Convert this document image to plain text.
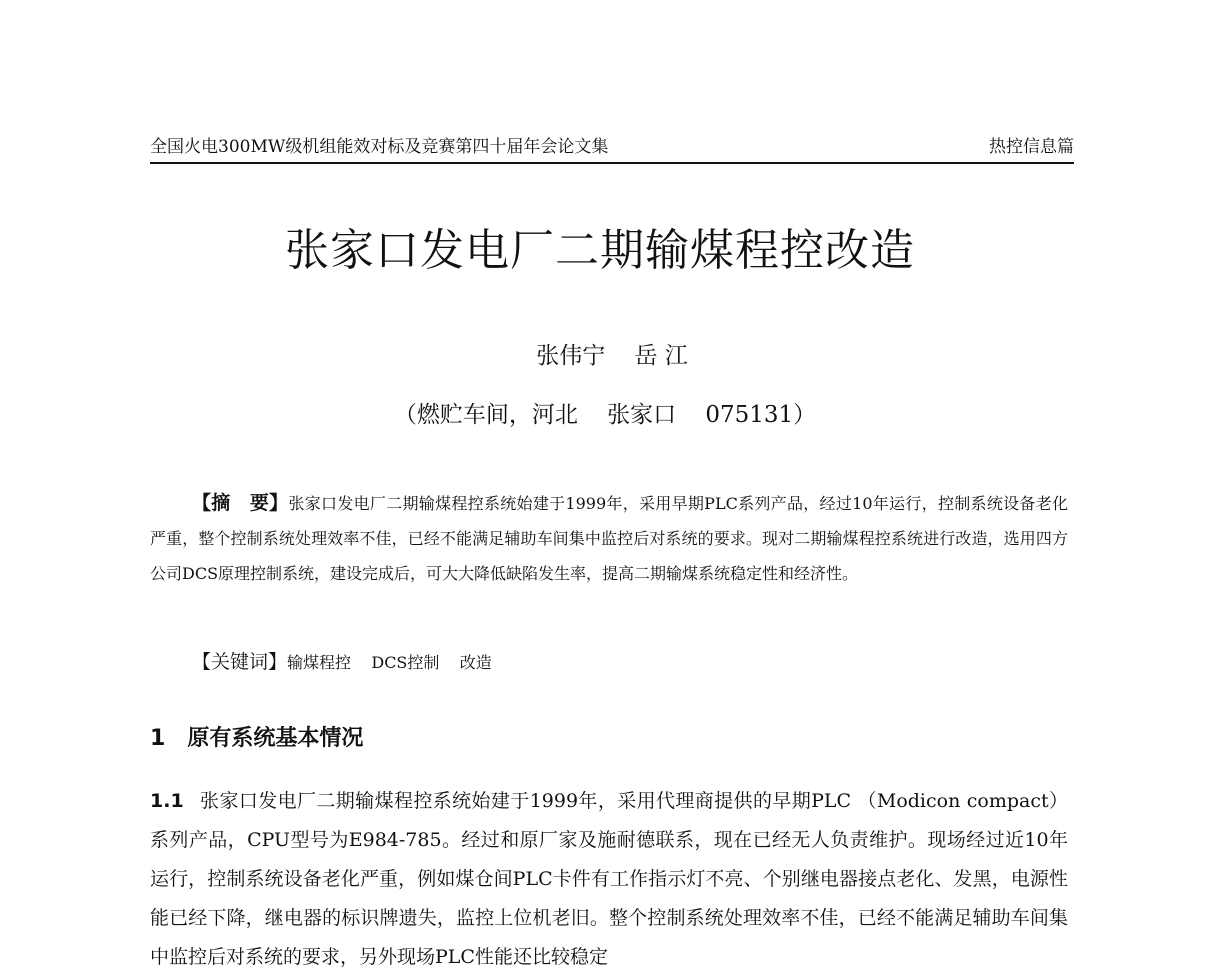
全国火电300MW级机组能效对标及竞赛第四十届年会论文集	热控信息篇
张家口发电厂二期输煤程控改造
张伟宁    岳 江
（燃贮车间，河北    张家口    075131）

【摘　要】张家口发电厂二期输煤程控系统始建于1999年，采用早期PLC系列产品，经过10年运行，控制系统设备老化严重，整个控制系统处理效率不佳，已经不能满足辅助车间集中监控后对系统的要求。现对二期输煤程控系统进行改造，选用四方公司DCS原理控制系统，建设完成后，可大大降低缺陷发生率，提高二期输煤系统稳定性和经济性。

【关键词】输煤程控    DCS控制    改造
1 原有系统基本情况

1.1 张家口发电厂二期输煤程控系统始建于1999年，采用代理商提供的早期PLC （Modicon compact）系列产品，CPU型号为E984-785。经过和原厂家及施耐德联系，现在已经无人负责维护。现场经过近10年运行，控制系统设备老化严重，例如煤仓间PLC卡件有工作指示灯不亮、个别继电器接点老化、发黑，电源性能已经下降，继电器的标识牌遗失，监控上位机老旧。整个控制系统处理效率不佳，已经不能满足辅助车间集中监控后对系统的要求，另外现场PLC性能还比较稳定
